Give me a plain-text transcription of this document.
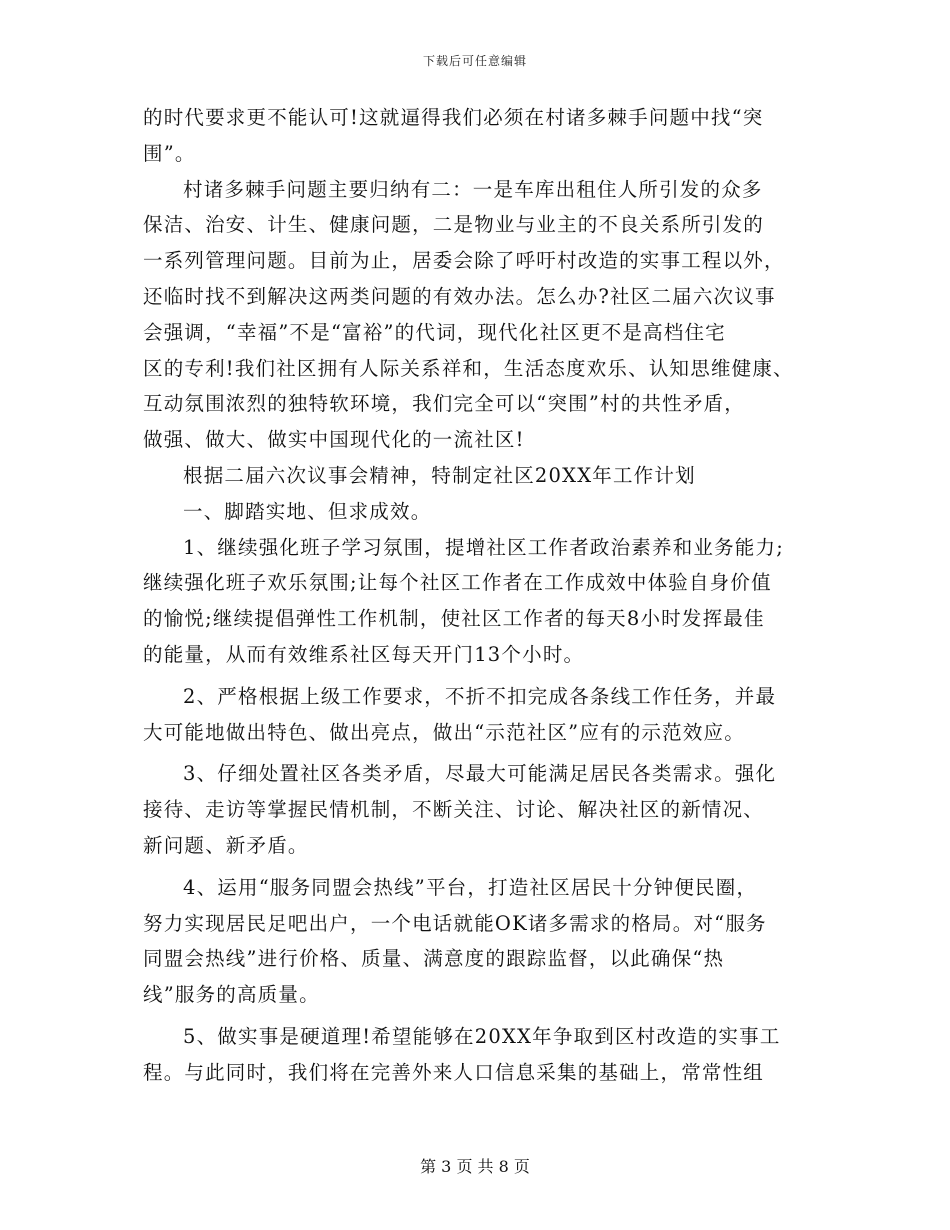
下载后可任意编辑
的时代要求更不能认可!这就逼得我们必须在村诸多棘手问题中找“突
围”。
村诸多棘手问题主要归纳有二：一是车库出租住人所引发的众多
保洁、治安、计生、健康问题，二是物业与业主的不良关系所引发的
一系列管理问题。目前为止，居委会除了呼吁村改造的实事工程以外，
还临时找不到解决这两类问题的有效办法。怎么办?社区二届六次议事
会强调，“幸福”不是“富裕”的代词，现代化社区更不是高档住宅
区的专利!我们社区拥有人际关系祥和，生活态度欢乐、认知思维健康、
互动氛围浓烈的独特软环境，我们完全可以“突围”村的共性矛盾，
做强、做大、做实中国现代化的一流社区!
根据二届六次议事会精神，特制定社区20XX年工作计划
一、脚踏实地、但求成效。
1、继续强化班子学习氛围，提增社区工作者政治素养和业务能力;
继续强化班子欢乐氛围;让每个社区工作者在工作成效中体验自身价值
的愉悦;继续提倡弹性工作机制，使社区工作者的每天8小时发挥最佳
的能量，从而有效维系社区每天开门13个小时。
2、严格根据上级工作要求，不折不扣完成各条线工作任务，并最
大可能地做出特色、做出亮点，做出“示范社区”应有的示范效应。
3、仔细处置社区各类矛盾，尽最大可能满足居民各类需求。强化
接待、走访等掌握民情机制，不断关注、讨论、解决社区的新情况、
新问题、新矛盾。
4、运用“服务同盟会热线”平台，打造社区居民十分钟便民圈，
努力实现居民足吧出户，一个电话就能OK诸多需求的格局。对“服务
同盟会热线”进行价格、质量、满意度的跟踪监督，以此确保“热
线”服务的高质量。
5、做实事是硬道理!希望能够在20XX年争取到区村改造的实事工
程。与此同时，我们将在完善外来人口信息采集的基础上，常常性组
第 3 页 共 8 页
